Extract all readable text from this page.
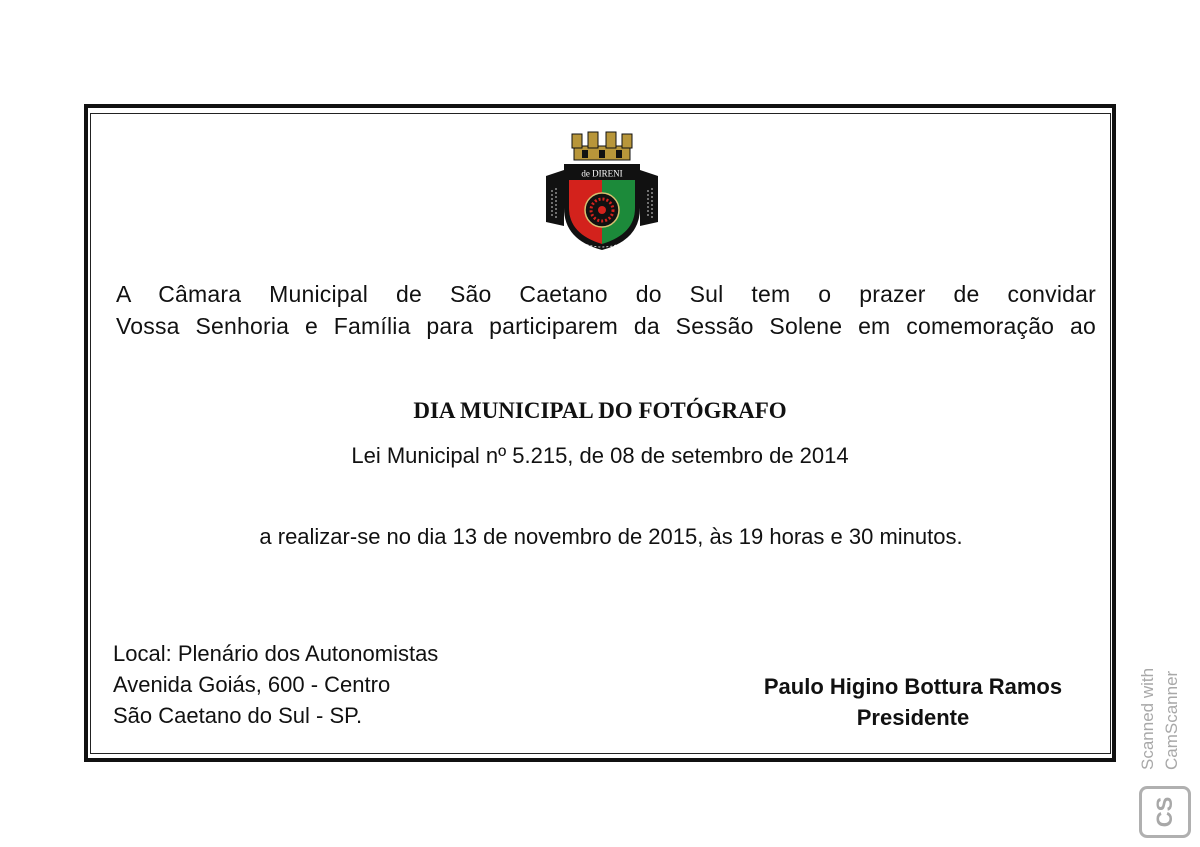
de DIRENI
A Câmara Municipal de São Caetano do Sul tem o prazer de convidar
Vossa Senhoria e Família para participarem da Sessão Solene em comemoração ao
DIA MUNICIPAL DO FOTÓGRAFO
Lei Municipal nº 5.215, de 08 de setembro de 2014
a realizar-se no dia 13 de novembro de 2015, às 19 horas e 30 minutos.
Local: Plenário dos Autonomistas
Avenida Goiás, 600 - Centro
São Caetano do Sul - SP.
Paulo Higino Bottura Ramos
Presidente	Scanned with CamScanner
CS
